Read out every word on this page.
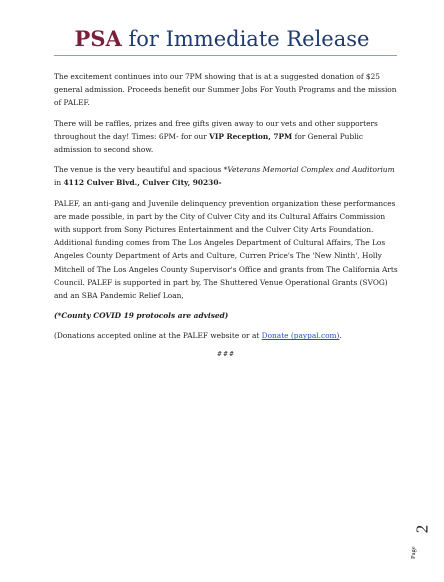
PSA for Immediate Release

The excitement continues into our 7PM showing that is at a suggested donation of $25 general admission. Proceeds benefit our Summer Jobs For Youth Programs and the mission of PALEF.

There will be raffles, prizes and free gifts given away to our vets and other supporters throughout the day! Times: 6PM- for our VIP Reception, 7PM for General Public admission to second show.

The venue is the very beautiful and spacious *Veterans Memorial Complex and Auditorium in 4112 Culver Blvd., Culver City, 90230-

PALEF, an anti-gang and Juvenile delinquency prevention organization these performances are made possible, in part by the City of Culver City and its Cultural Affairs Commission with support from Sony Pictures Entertainment and the Culver City Arts Foundation. Additional funding comes from The Los Angeles Department of Cultural Affairs, The Los Angeles County Department of Arts and Culture, Curren Price's The 'New Ninth', Holly Mitchell of The Los Angeles County Supervisor's Office and grants from The California Arts Council. PALEF is supported in part by, The Shuttered Venue Operational Grants (SVOG) and an SBA Pandemic Relief Loan,

(*County COVID 19 protocols are advised)

(Donations accepted online at the PALEF website or at Donate (paypal.com).

###
Page
2
